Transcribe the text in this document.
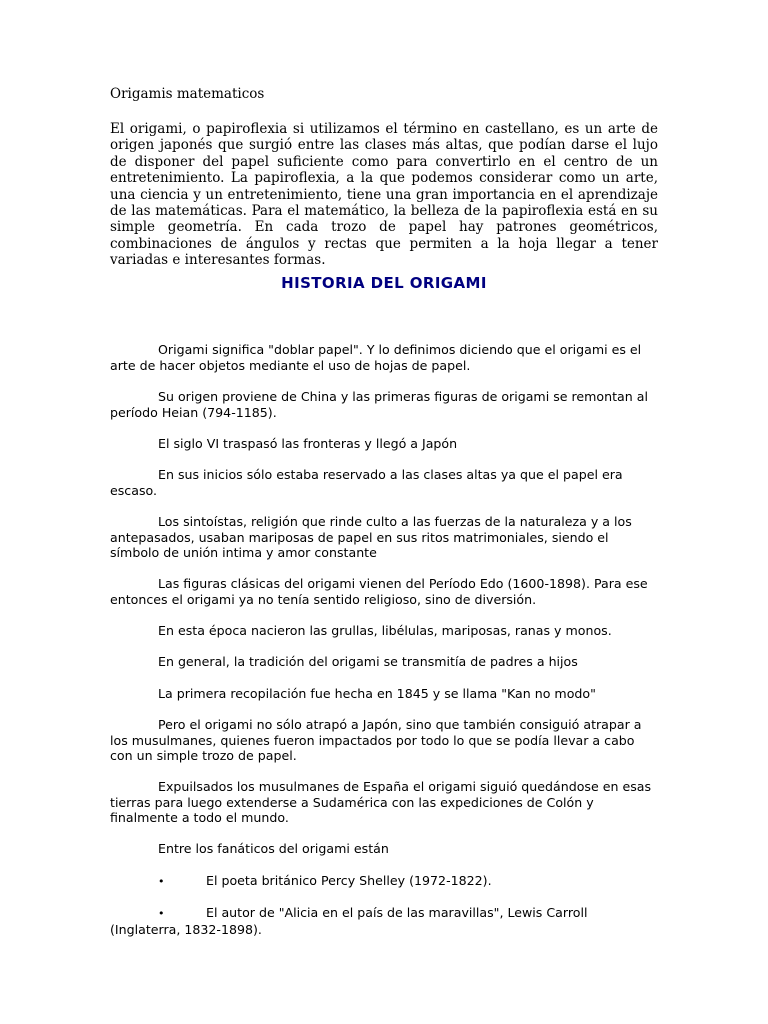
Origamis matematicos

El origami, o papiroflexia si utilizamos el término en castellano, es un arte de origen japonés que surgió entre las clases más altas, que podían darse el lujo de disponer del papel suficiente como para convertirlo en el centro de un entretenimiento. La papiroflexia, a la que podemos considerar como un arte, una ciencia y un entretenimiento, tiene una gran importancia en el aprendizaje de las matemáticas. Para el matemático, la belleza de la papiroflexia está en su simple geometría. En cada trozo de papel hay patrones geométricos, combinaciones de ángulos y rectas que permiten a la hoja llegar a tener variadas e interesantes formas.

HISTORIA DEL ORIGAMI

Origami significa "doblar papel". Y lo definimos diciendo que el origami es el arte de hacer objetos mediante el uso de hojas de papel.

Su origen proviene de China y las primeras figuras de origami se remontan al período Heian (794-1185).

El siglo VI traspasó las fronteras y llegó a Japón

En sus inicios sólo estaba reservado a las clases altas ya que el papel era escaso.

Los sintoístas, religión que rinde culto a las fuerzas de la naturaleza y a los antepasados, usaban mariposas de papel en sus ritos matrimoniales, siendo el símbolo de unión intima y amor constante

Las figuras clásicas del origami vienen del Período Edo (1600-1898). Para ese entonces el origami ya no tenía sentido religioso, sino de diversión.

En esta época nacieron las grullas, libélulas, mariposas, ranas y monos.

En general, la tradición del origami se transmitía de padres a hijos

La primera recopilación fue hecha en 1845 y se llama "Kan no modo"

Pero el origami no sólo atrapó a Japón, sino que también consiguió atrapar a los musulmanes, quienes fueron impactados por todo lo que se podía llevar a cabo con un simple trozo de papel.

Expuilsados los musulmanes de España el origami siguió quedándose en esas tierras para luego extenderse a Sudamérica con las expediciones de Colón y finalmente a todo el mundo.

Entre los fanáticos del origami están

•	El poeta británico Percy Shelley (1972-1822).

•	El autor de "Alicia en el país de las maravillas", Lewis Carroll (Inglaterra, 1832-1898).
